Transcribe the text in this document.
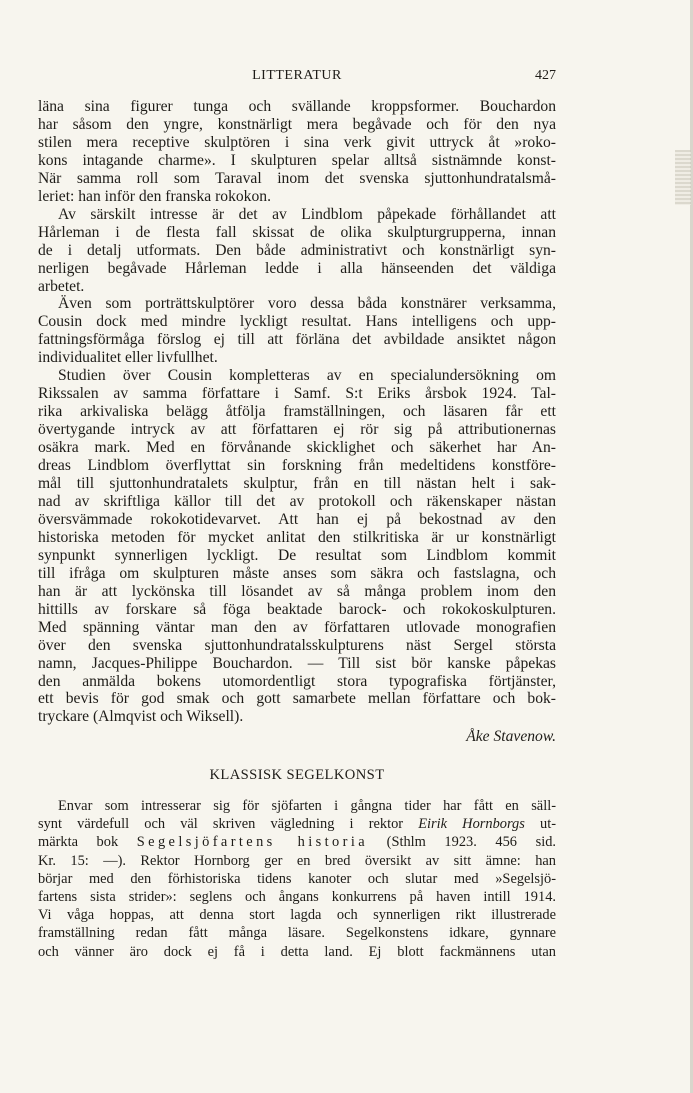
LITTERATUR	427
läna sina figurer tunga och svällande kroppsformer. Bouchardon
har såsom den yngre, konstnärligt mera begåvade och för den nya
stilen mera receptive skulptören i sina verk givit uttryck åt »roko-
kons intagande charme». I skulpturen spelar alltså sistnämnde konst-
När samma roll som Taraval inom det svenska sjuttonhundratalsmå-
leriet: han inför den franska rokokon.
Av särskilt intresse är det av Lindblom påpekade förhållandet att
Hårleman i de flesta fall skissat de olika skulpturgrupperna, innan
de i detalj utformats. Den både administrativt och konstnärligt syn-
nerligen begåvade Hårleman ledde i alla hänseenden det väldiga
arbetet.
Även som porträttskulptörer voro dessa båda konstnärer verksamma,
Cousin dock med mindre lyckligt resultat. Hans intelligens och upp-
fattningsförmåga förslog ej till att förläna det avbildade ansiktet någon
individualitet eller livfullhet.
Studien över Cousin kompletteras av en specialundersökning om
Rikssalen av samma författare i Samf. S:t Eriks årsbok 1924. Tal-
rika arkivaliska belägg åtfölja framställningen, och läsaren får ett
övertygande intryck av att författaren ej rör sig på attributionernas
osäkra mark. Med en förvånande skicklighet och säkerhet har An-
dreas Lindblom överflyttat sin forskning från medeltidens konstföre-
mål till sjuttonhundratalets skulptur, från en till nästan helt i sak-
nad av skriftliga källor till det av protokoll och räkenskaper nästan
översvämmade rokokotidevarvet. Att han ej på bekostnad av den
historiska metoden för mycket anlitat den stilkritiska är ur konstnärligt
synpunkt synnerligen lyckligt. De resultat som Lindblom kommit
till ifråga om skulpturen måste anses som säkra och fastslagna, och
han är att lyckönska till lösandet av så många problem inom den
hittills av forskare så föga beaktade barock- och rokokoskulpturen.
Med spänning väntar man den av författaren utlovade monografien
över den svenska sjuttonhundratalsskulpturens näst Sergel största
namn, Jacques-Philippe Bouchardon. — Till sist bör kanske påpekas
den anmälda bokens utomordentligt stora typografiska förtjänster,
ett bevis för god smak och gott samarbete mellan författare och bok-
tryckare (Almqvist och Wiksell).
Åke Stavenow.
KLASSISK SEGELKONST
Envar som intresserar sig för sjöfarten i gångna tider har fått en säll-
synt värdefull och väl skriven vägledning i rektor Eirik Hornborgs ut-
märkta bok Segelsjöfartens historia (Sthlm 1923. 456 sid.
Kr. 15: —). Rektor Hornborg ger en bred översikt av sitt ämne: han
börjar med den förhistoriska tidens kanoter och slutar med »Segelsjö-
fartens sista strider»: seglens och ångans konkurrens på haven intill 1914.
Vi våga hoppas, att denna stort lagda och synnerligen rikt illustrerade
framställning redan fått många läsare. Segelkonstens idkare, gynnare
och vänner äro dock ej få i detta land. Ej blott fackmännens utan
